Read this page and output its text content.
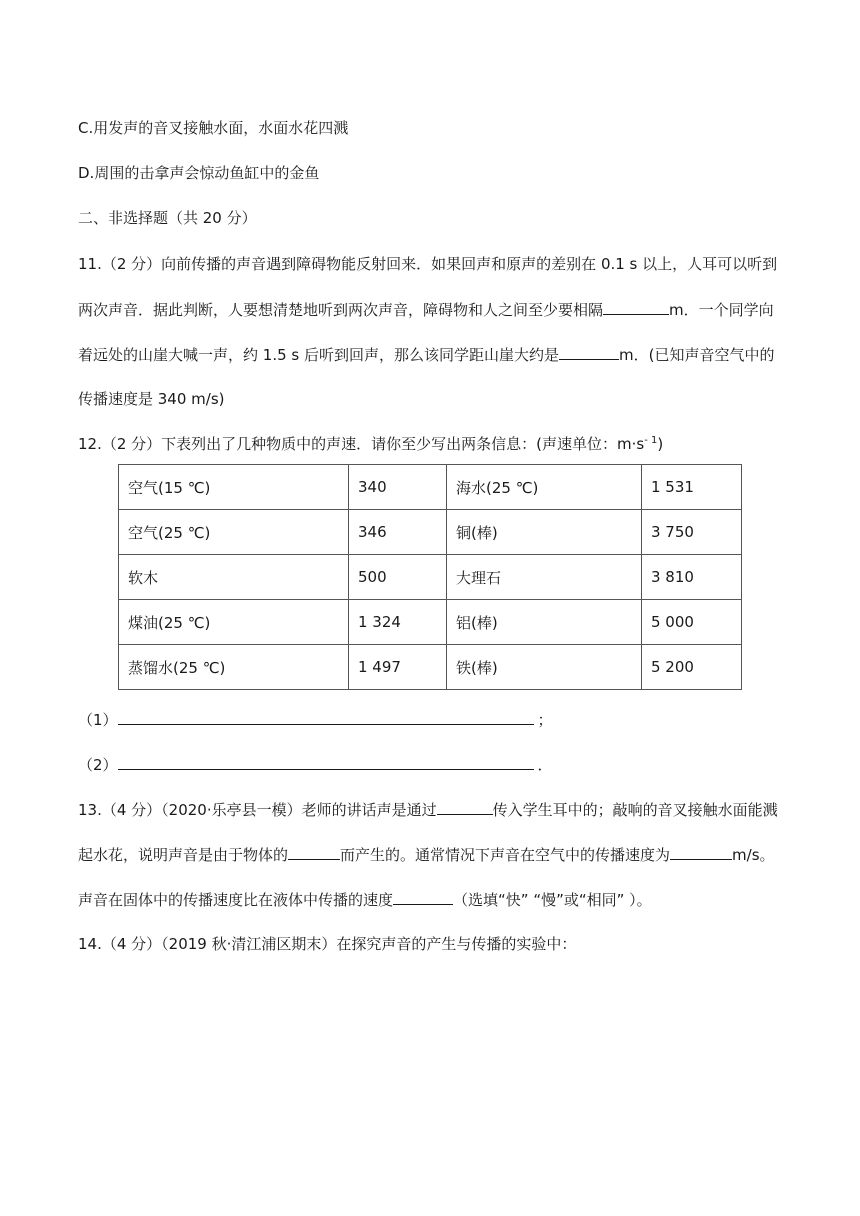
C.用发声的音叉接触水面，水面水花四溅
D.周围的击拿声会惊动鱼缸中的金鱼
二、非选择题（共 20 分）
11.（2 分）向前传播的声音遇到障碍物能反射回来．如果回声和原声的差别在 0.1 s 以上，人耳可以听到
两次声音．据此判断，人要想清楚地听到两次声音，障碍物和人之间至少要相隔	m．一个同学向
着远处的山崖大喊一声，约 1.5 s 后听到回声，那么该同学距山崖大约是	m．(已知声音空气中的
传播速度是 340 m/s)
12.（2 分）下表列出了几种物质中的声速．请你至少写出两条信息：(声速单位：$m\cdot s^{- 1}$)
空气(15 ℃)	340	海水(25 ℃)	1 531
空气(25 ℃)	346	铜(棒)	3 750
软木	500	大理石	3 810
煤油(25 ℃)	1 324	铝(棒)	5 000
蒸馏水(25 ℃)	1 497	铁(棒)	5 200
（1）	；
（2）	．
13.（4 分）（2020·乐亭县一模）老师的讲话声是通过	传入学生耳中的；敲响的音叉接触水面能溅
起水花，说明声音是由于物体的	而产生的。通常情况下声音在空气中的传播速度为	m/s。
声音在固体中的传播速度比在液体中传播的速度	（选填“快” “慢”或“相同” ）。
14.（4 分）（2019 秋·清江浦区期末）在探究声音的产生与传播的实验中：
